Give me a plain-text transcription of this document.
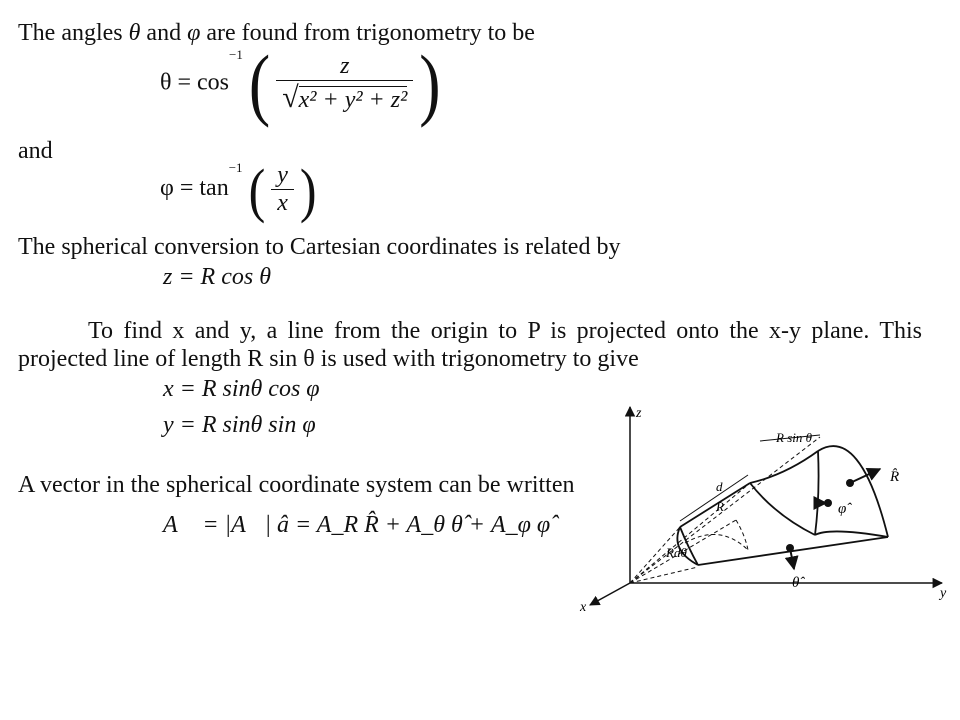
The angles θ and φ are found from trigonometry to be
$\theta = \cos^{-1}$ ( $\frac{z}{\text{√x² + y² + z²}}$ )
and
$\varphi = \tan^{-1}$ ( $\frac{y}{x}$ )
The spherical conversion to Cartesian coordinates is related by
z = R cos θ
To find x and y, a line from the origin to P is projected onto the x-y plane. This
projected line of length R sin θ is used with trigonometry to give
x = R sinθ cos φ
y = R sinθ sin φ
A vector in the spherical coordinate system can be written
A⃗ = |A⃗| â = A_R R̂ + A_θ θ̂ + A_φ φ̂
z
y
x
R sin θ
d
R
Rdθ
R̂
φ̂
θ̂
